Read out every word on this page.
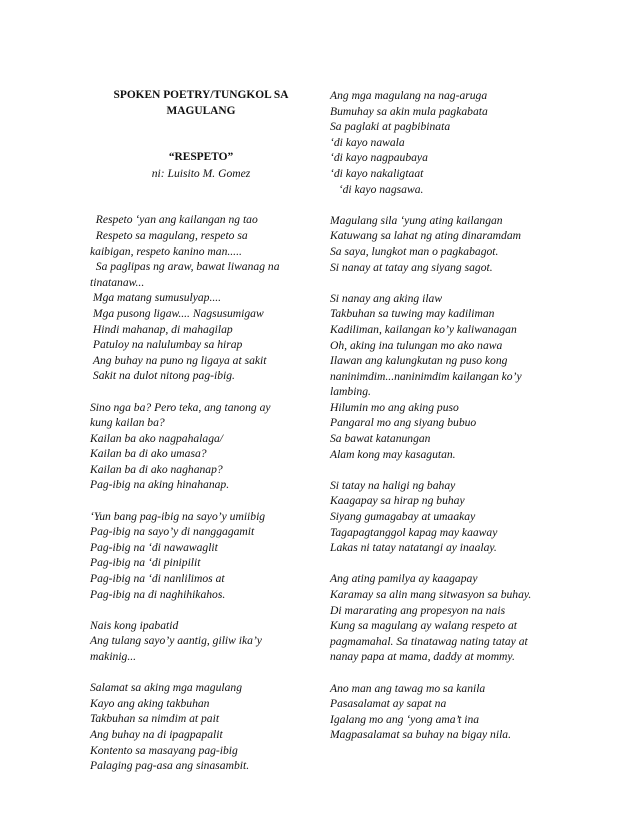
SPOKEN POETRY/TUNGKOL SA
MAGULANG
“RESPETO”
ni: Luisito M. Gomez
Respeto ‘yan ang kailangan ng tao
Respeto sa magulang, respeto sa
kaibigan, respeto kanino man.....
Sa paglipas ng araw, bawat liwanag na
tinatanaw...
Mga matang sumusulyap....
Mga pusong ligaw.... Nagsusumigaw
Hindi mahanap, di mahagilap
Patuloy na nalulumbay sa hirap
Ang buhay na puno ng ligaya at sakit
Sakit na dulot nitong pag-ibig.
Sino nga ba? Pero teka, ang tanong ay
kung kailan ba?
Kailan ba ako nagpahalaga/
Kailan ba di ako umasa?
Kailan ba di ako naghanap?
Pag-ibig na aking hinahanap.
‘Yun bang pag-ibig na sayo’y umiibig
Pag-ibig na sayo’y di nanggagamit
Pag-ibig na ‘di nawawaglit
Pag-ibig na ‘di pinipilit
Pag-ibig na ‘di nanlilimos at
Pag-ibig na di naghihikahos.
Nais kong ipabatid
Ang tulang sayo’y aantig, giliw ika’y
makinig...
Salamat sa aking mga magulang
Kayo ang aking takbuhan
Takbuhan sa nimdim at pait
Ang buhay na di ipagpapalit
Kontento sa masayang pag-ibig
Palaging pag-asa ang sinasambit.
Ang mga magulang na nag-aruga
Bumuhay sa akin mula pagkabata
Sa paglaki at pagbibinata
‘di kayo nawala
‘di kayo nagpaubaya
‘di kayo nakaligtaat
‘di kayo nagsawa.
Magulang sila ‘yung ating kailangan
Katuwang sa lahat ng ating dinaramdam
Sa saya, lungkot man o pagkabagot.
Si nanay at tatay ang siyang sagot.
Si nanay ang aking ilaw
Takbuhan sa tuwing may kadiliman
Kadiliman, kailangan ko’y kaliwanagan
Oh, aking ina tulungan mo ako nawa
Ilawan ang kalungkutan ng puso kong
naninimdim...naninimdim kailangan ko’y
lambing.
Hilumin mo ang aking puso
Pangaral mo ang siyang bubuo
Sa bawat katanungan
Alam kong may kasagutan.
Si tatay na haligi ng bahay
Kaagapay sa hirap ng buhay
Siyang gumagabay at umaakay
Tagapagtanggol kapag may kaaway
Lakas ni tatay natatangi ay inaalay.
Ang ating pamilya ay kaagapay
Karamay sa alin mang sitwasyon sa buhay.
Di mararating ang propesyon na nais
Kung sa magulang ay walang respeto at
pagmamahal. Sa tinatawag nating tatay at
nanay papa at mama, daddy at mommy.
Ano man ang tawag mo sa kanila
Pasasalamat ay sapat na
Igalang mo ang ‘yong ama’t ina
Magpasalamat sa buhay na bigay nila.
